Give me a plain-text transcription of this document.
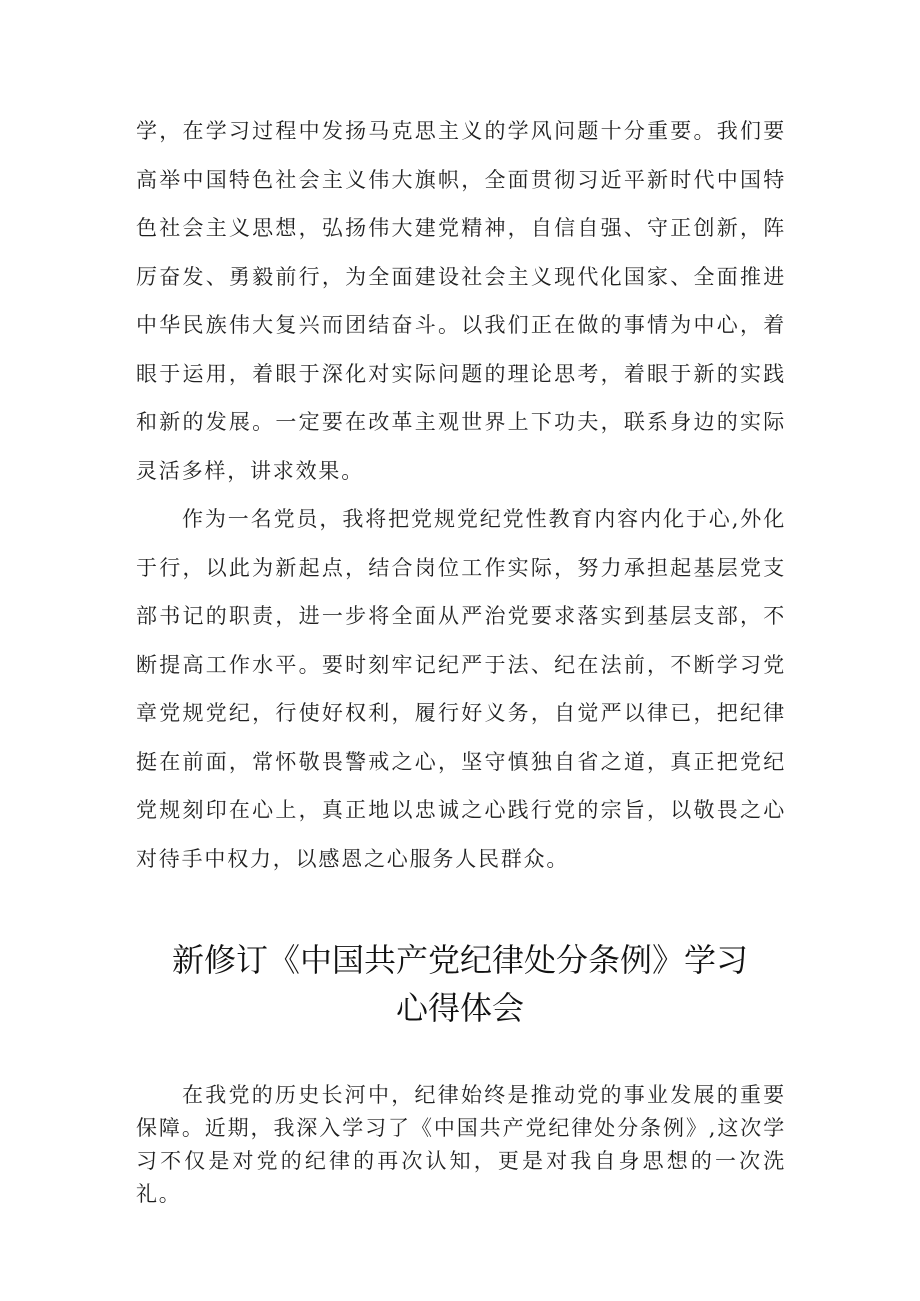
学，在学习过程中发扬马克思主义的学风问题十分重要。我们要高举中国特色社会主义伟大旗帜，全面贯彻习近平新时代中国特色社会主义思想，弘扬伟大建党精神，自信自强、守正创新，阵厉奋发、勇毅前行，为全面建设社会主义现代化国家、全面推进中华民族伟大复兴而团结奋斗。以我们正在做的事情为中心，着眼于运用，着眼于深化对实际问题的理论思考，着眼于新的实践和新的发展。一定要在改革主观世界上下功夫，联系身边的实际灵活多样，讲求效果。

作为一名党员，我将把党规党纪党性教育内容内化于心,外化于行，以此为新起点，结合岗位工作实际，努力承担起基层党支部书记的职责，进一步将全面从严治党要求落实到基层支部，不断提高工作水平。要时刻牢记纪严于法、纪在法前，不断学习党章党规党纪，行使好权利，履行好义务，自觉严以律已，把纪律挺在前面，常怀敬畏警戒之心，坚守慎独自省之道，真正把党纪党规刻印在心上，真正地以忠诚之心践行党的宗旨，以敬畏之心对待手中权力，以感恩之心服务人民群众。

新修订《中国共产党纪律处分条例》学习
心得体会

在我党的历史长河中，纪律始终是推动党的事业发展的重要保障。近期，我深入学习了《中国共产党纪律处分条例》,这次学习不仅是对党的纪律的再次认知，更是对我自身思想的一次洗礼。
